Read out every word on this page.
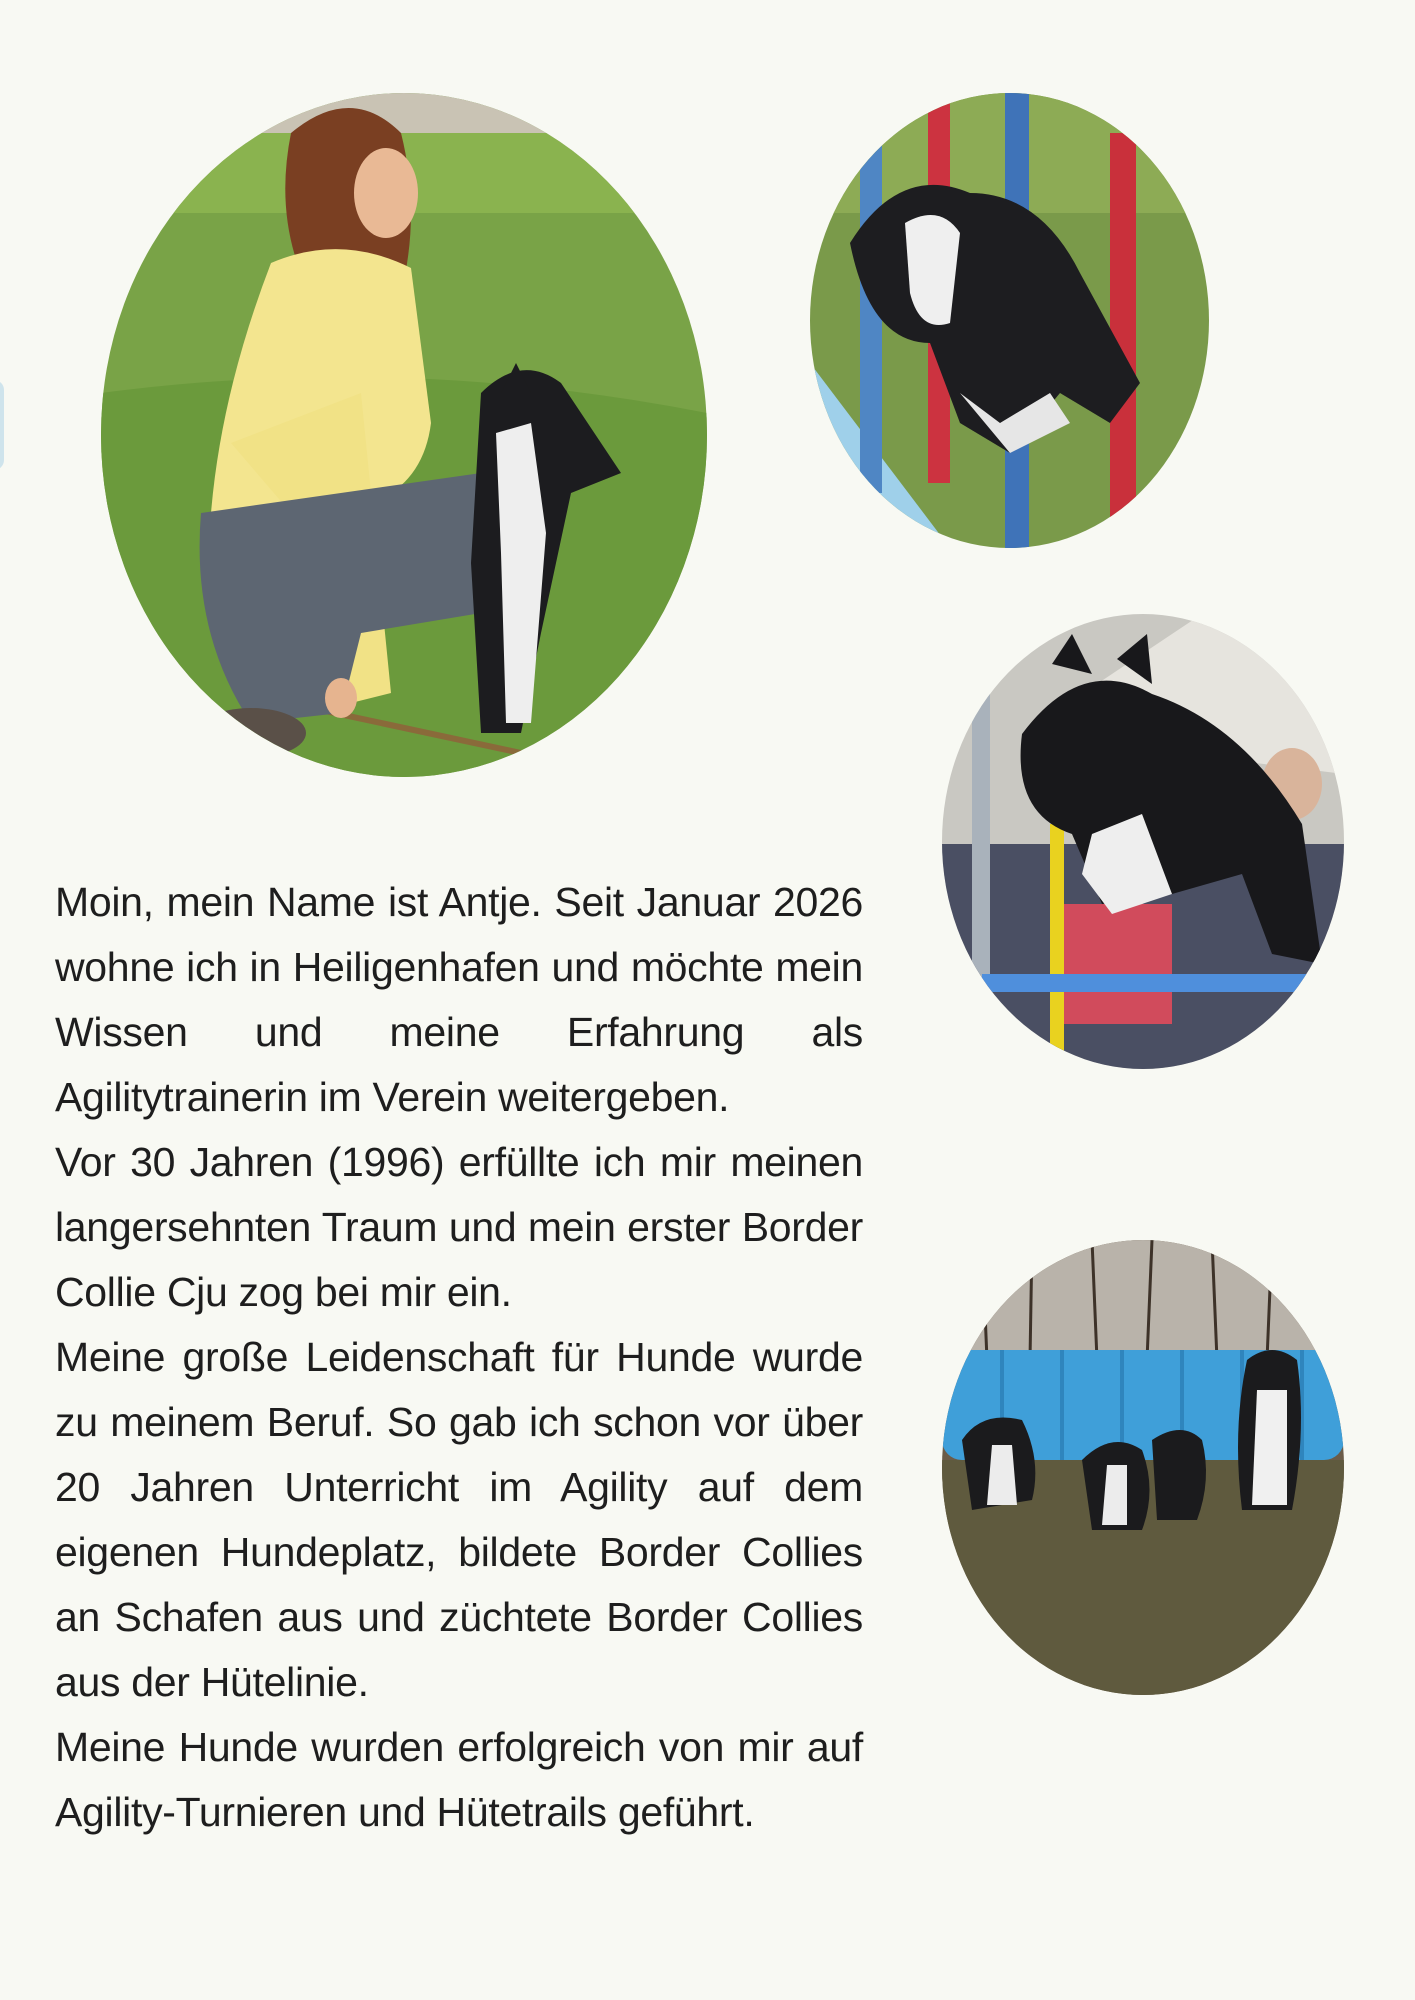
Moin, mein Name ist Antje. Seit Januar 2026 wohne ich in Heiligenhafen und möchte mein Wissen und meine Erfahrung als Agilitytrainerin im Verein weitergeben.

Vor 30 Jahren (1996) erfüllte ich mir meinen langersehnten Traum und mein erster Border Collie Cju zog bei mir ein.

Meine große Leidenschaft für Hunde wurde zu meinem Beruf. So gab ich schon vor über 20 Jahren Unterricht im Agility auf dem eigenen Hundeplatz, bildete Border Collies an Schafen aus und züchtete Border Collies aus der Hütelinie.

Meine Hunde wurden erfolgreich von mir auf Agility-Turnieren und Hütetrails geführt.
